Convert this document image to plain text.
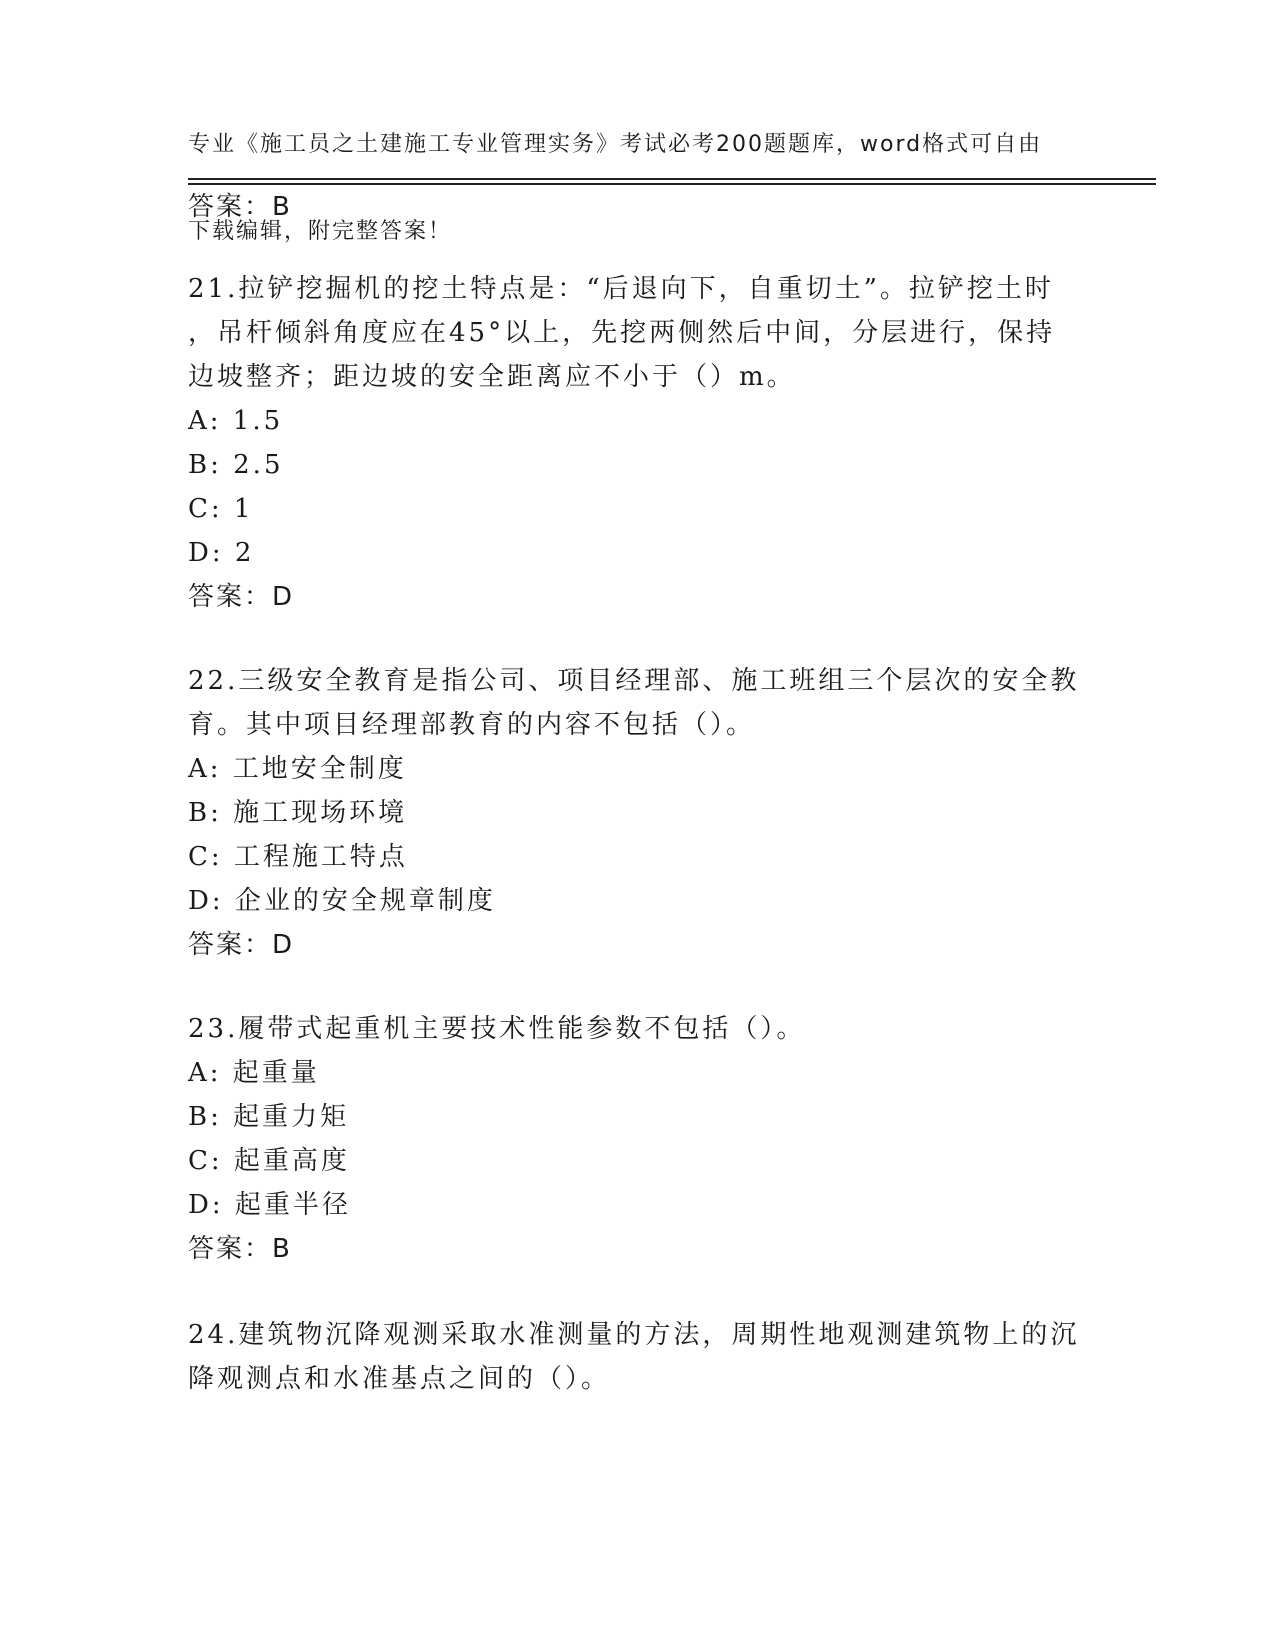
专业《施工员之土建施工专业管理实务》考试必考200题题库，word格式可自由

下载编辑，附完整答案！

答案：B
21.拉铲挖掘机的挖土特点是：“后退向下，自重切土”。拉铲挖土时
，吊杆倾斜角度应在45°以上，先挖两侧然后中间，分层进行，保持
边坡整齐；距边坡的安全距离应不小于（）m。
A: 1.5
B: 2.5
C: 1
D: 2
答案：D
22.三级安全教育是指公司、项目经理部、施工班组三个层次的安全教
育。其中项目经理部教育的内容不包括（）。
A: 工地安全制度
B: 施工现场环境
C: 工程施工特点
D: 企业的安全规章制度
答案：D
23.履带式起重机主要技术性能参数不包括（）。
A: 起重量
B: 起重力矩
C: 起重高度
D: 起重半径
答案：B
24.建筑物沉降观测采取水准测量的方法，周期性地观测建筑物上的沉
降观测点和水准基点之间的（）。
